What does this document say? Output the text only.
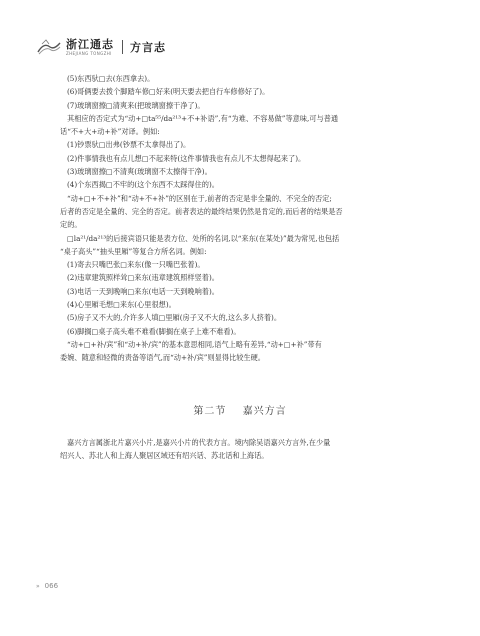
浙江通志
ZHEJIANG TONGZHI 方言志
(5)东西驮□去(东西拿去)。
(6)哥俩要去拨个脚踏车修□好来(明天要去把自行车修修好了)。
(7)玻璃窗擦□清爽来(把玻璃窗擦干净了)。
其相应的否定式为“动+□ta⁵⁵/da²¹³+不+补语”,有“为难、不容易做”等意味,可与普通
话“不+大+动+补”对译。例如:
(1)钞票驮□出弗(钞票不太拿得出了)。
(2)件事情我也有点儿想□不起来特(这件事情我也有点儿不太想得起来了)。
(3)玻璃窗擦□不清爽(玻璃窗不太擦得干净)。
(4)个东西揭□不牢的(这个东西不太踩得住的)。
“动+□+不+补”和“动+不+补”的区别在于,前者的否定是非全量的、不完全的否定;
后者的否定是全量的、完全的否定。前者表达的最终结果仍然是肯定的,而后者的结果是否
定的。
□la²¹/da²¹³的后接宾语只能是表方位、处所的名词,以“来东(在某处)”最为常见,也包括
“桌子高头”“抽头里厢”等复合方所名词。例如:
(1)寄去只嘴巴张□来东(像一只嘴巴张着)。
(2)违章建筑照样耸□来东(违章建筑照样竖着)。
(3)电话一天到晚响□来东(电话一天到晚响着)。
(4)心里厢毛想□来东(心里很想)。
(5)房子又不大的,介许多人填□里厢(房子又不大的,这么多人挤着)。
(6)脚搁□桌子高头难不难看(脚搁在桌子上难不难看)。
“动+□+补/宾”和“动+补/宾”的基本意思相同,语气上略有差异,“动+□+补”带有
委婉、随意和轻微的责备等语气,而“动+补/宾”则显得比较生硬。
第二节 嘉兴方言
嘉兴方言属浙北片嘉兴小片,是嘉兴小片的代表方言。境内除吴语嘉兴方言外,在少量
绍兴人、苏北人和上海人聚居区域还有绍兴话、苏北话和上海话。
» 066
